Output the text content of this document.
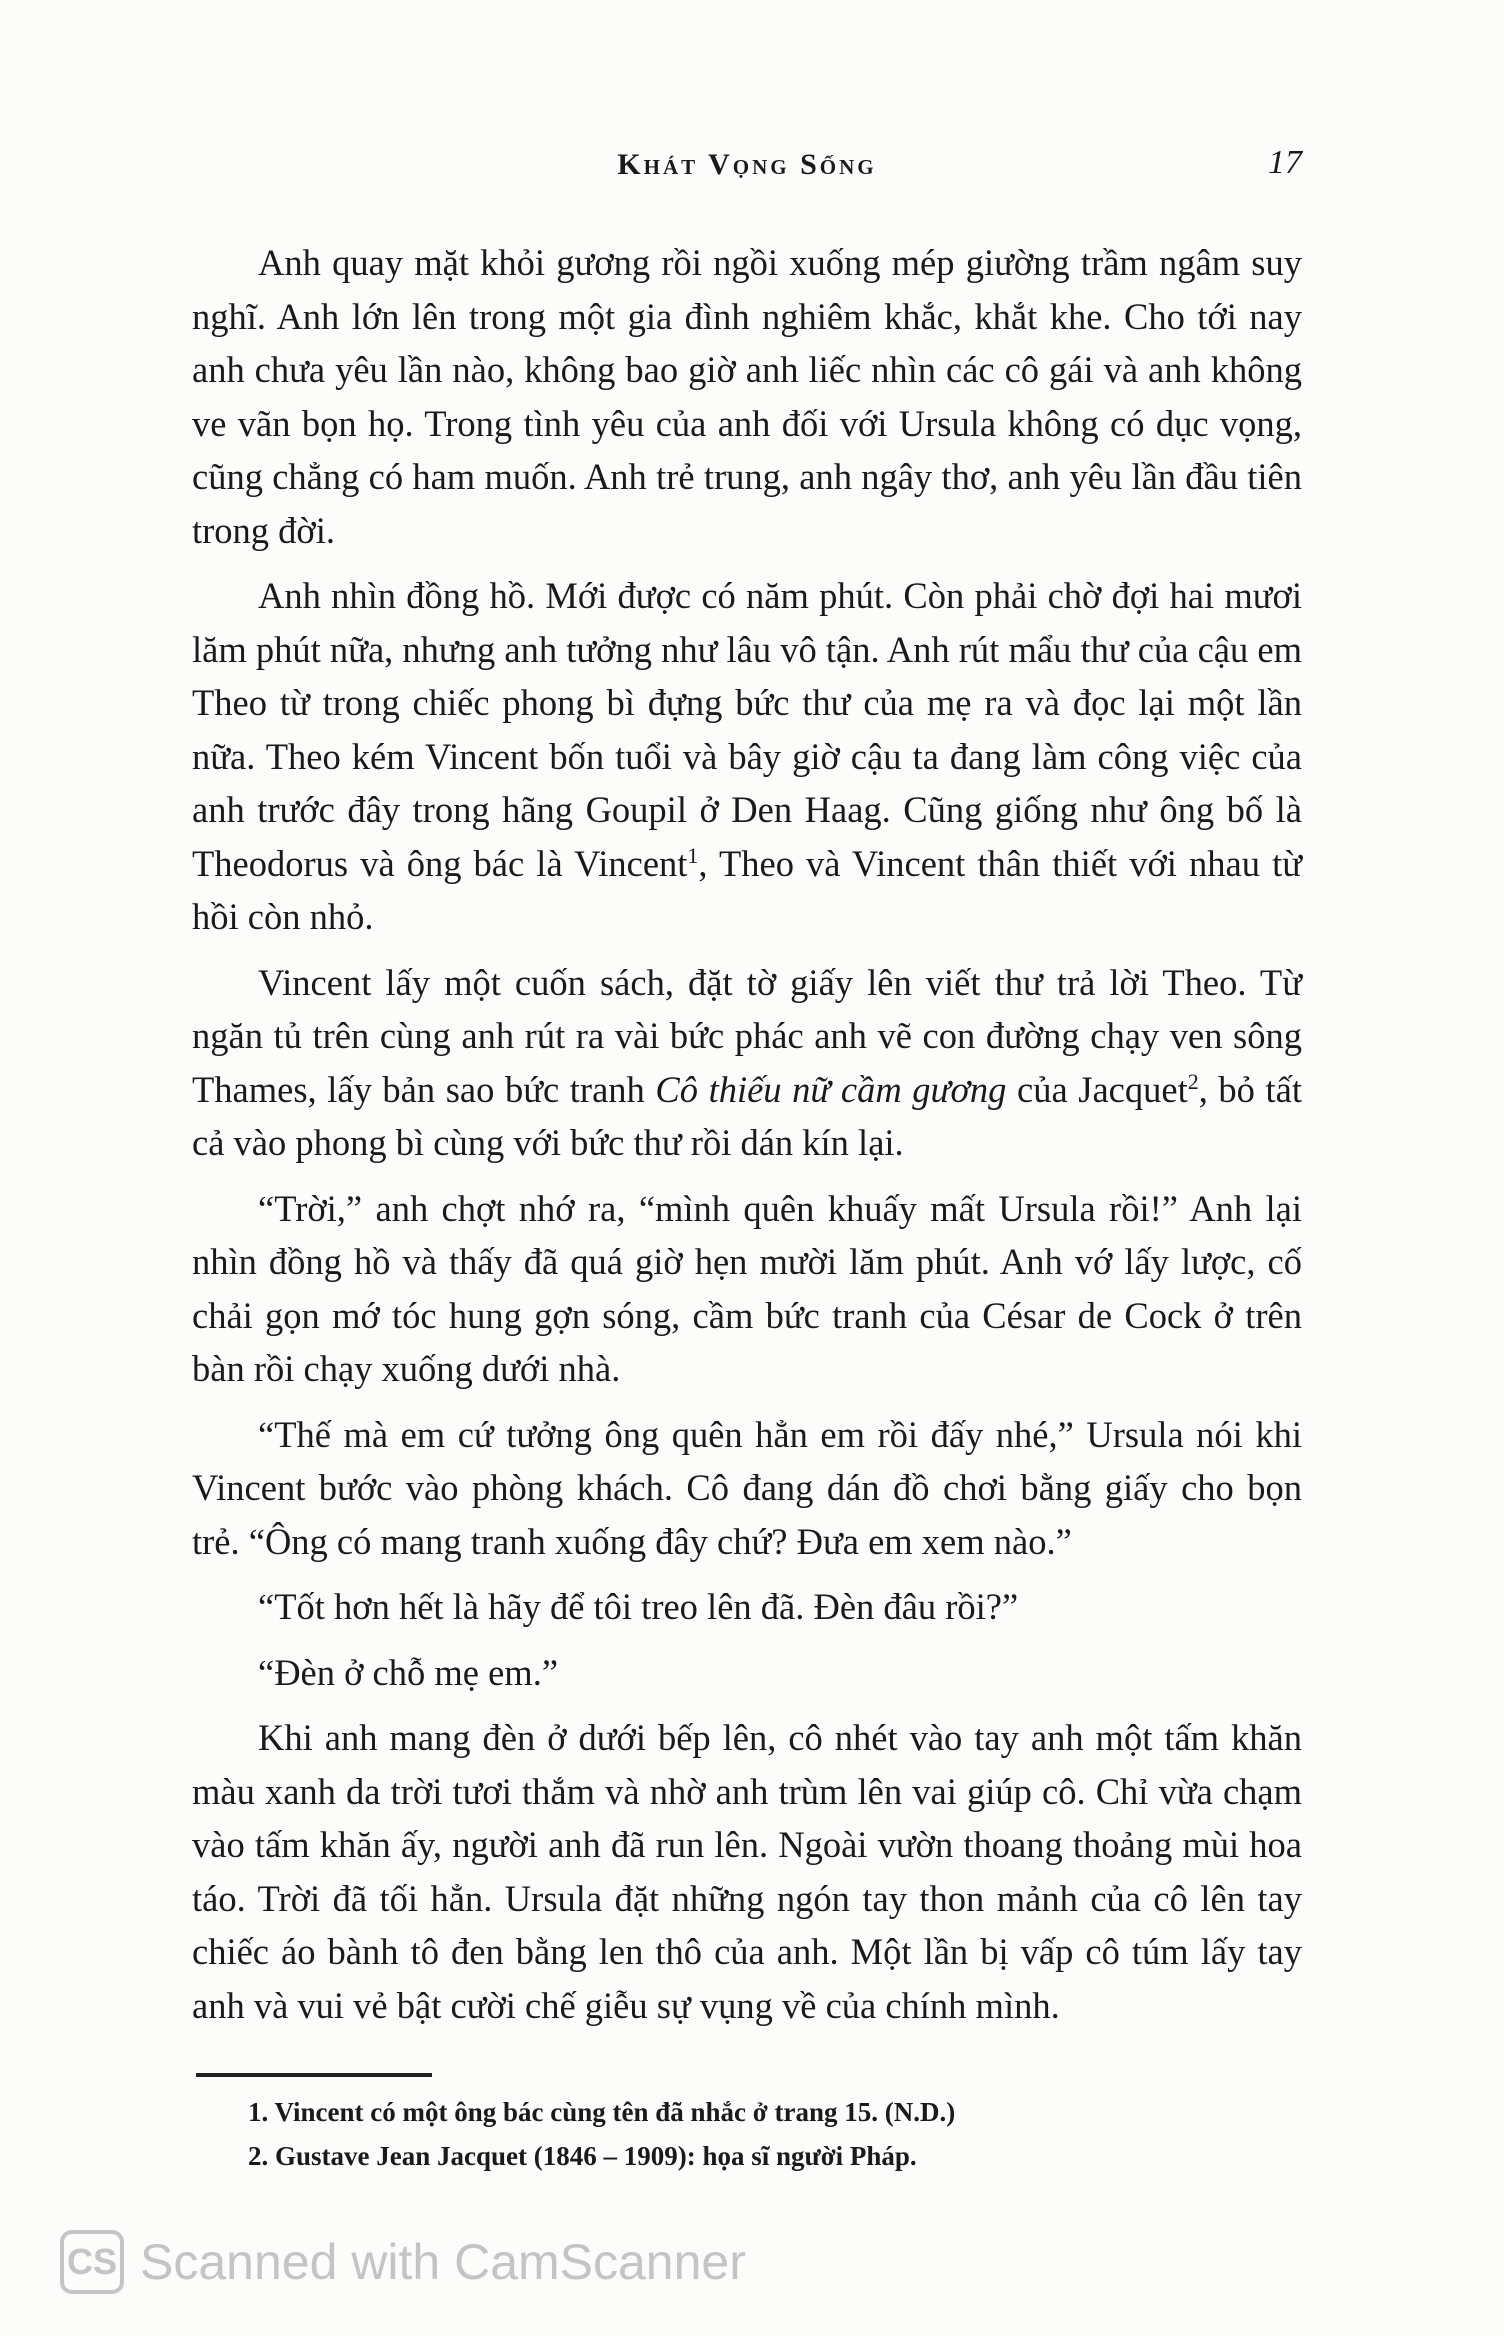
Khát Vọng Sống	17

Anh quay mặt khỏi gương rồi ngồi xuống mép giường trầm ngâm suy nghĩ. Anh lớn lên trong một gia đình nghiêm khắc, khắt khe. Cho tới nay anh chưa yêu lần nào, không bao giờ anh liếc nhìn các cô gái và anh không ve vãn bọn họ. Trong tình yêu của anh đối với Ursula không có dục vọng, cũng chẳng có ham muốn. Anh trẻ trung, anh ngây thơ, anh yêu lần đầu tiên trong đời.

Anh nhìn đồng hồ. Mới được có năm phút. Còn phải chờ đợi hai mươi lăm phút nữa, nhưng anh tưởng như lâu vô tận. Anh rút mẩu thư của cậu em Theo từ trong chiếc phong bì đựng bức thư của mẹ ra và đọc lại một lần nữa. Theo kém Vincent bốn tuổi và bây giờ cậu ta đang làm công việc của anh trước đây trong hãng Goupil ở Den Haag. Cũng giống như ông bố là Theodorus và ông bác là Vincent$^1$, Theo và Vincent thân thiết với nhau từ hồi còn nhỏ.

Vincent lấy một cuốn sách, đặt tờ giấy lên viết thư trả lời Theo. Từ ngăn tủ trên cùng anh rút ra vài bức phác anh vẽ con đường chạy ven sông Thames, lấy bản sao bức tranh Cô thiếu nữ cầm gương của Jacquet$^2$, bỏ tất cả vào phong bì cùng với bức thư rồi dán kín lại.

“Trời,” anh chợt nhớ ra, “mình quên khuấy mất Ursula rồi!” Anh lại nhìn đồng hồ và thấy đã quá giờ hẹn mười lăm phút. Anh vớ lấy lược, cố chải gọn mớ tóc hung gợn sóng, cầm bức tranh của César de Cock ở trên bàn rồi chạy xuống dưới nhà.

“Thế mà em cứ tưởng ông quên hẳn em rồi đấy nhé,” Ursula nói khi Vincent bước vào phòng khách. Cô đang dán đồ chơi bằng giấy cho bọn trẻ. “Ông có mang tranh xuống đây chứ? Đưa em xem nào.”

“Tốt hơn hết là hãy để tôi treo lên đã. Đèn đâu rồi?”

“Đèn ở chỗ mẹ em.”

Khi anh mang đèn ở dưới bếp lên, cô nhét vào tay anh một tấm khăn màu xanh da trời tươi thắm và nhờ anh trùm lên vai giúp cô. Chỉ vừa chạm vào tấm khăn ấy, người anh đã run lên. Ngoài vườn thoang thoảng mùi hoa táo. Trời đã tối hẳn. Ursula đặt những ngón tay thon mảnh của cô lên tay chiếc áo bành tô đen bằng len thô của anh. Một lần bị vấp cô túm lấy tay anh và vui vẻ bật cười chế giễu sự vụng về của chính mình.

1. Vincent có một ông bác cùng tên đã nhắc ở trang 15. (N.D.)
2. Gustave Jean Jacquet (1846 – 1909): họa sĩ người Pháp.
CS Scanned with CamScanner
